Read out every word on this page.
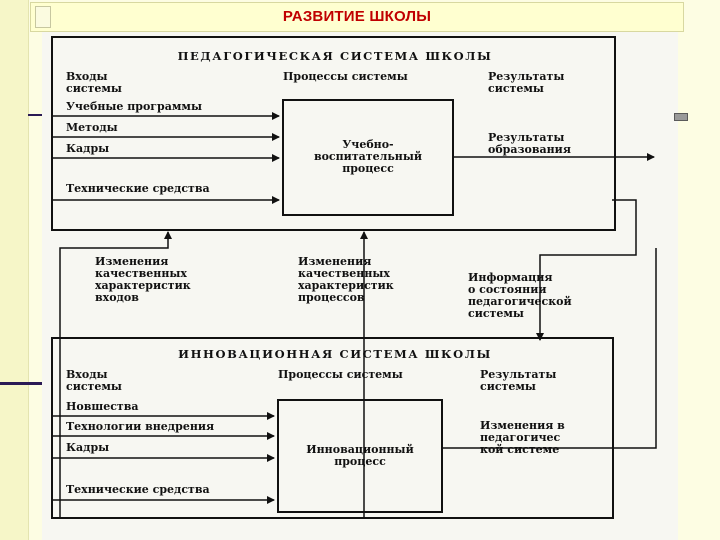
РАЗВИТИЕ ШКОЛЫ
ПЕДАГОГИЧЕСКАЯ СИСТЕМА ШКОЛЫ
Входы
системы
Процессы системы	Результаты
системы
Учебно-
воспитательный
процесс
Учебные программы
Методы
Кадры
Технические средства
Результаты
образования
Изменения
качественных
характеристик
входов
Изменения
качественных
характеристик
процессов
Информация
о состоянии
педагогической
системы
ИННОВАЦИОННАЯ СИСТЕМА ШКОЛЫ
Входы
системы
Процессы системы	Результаты
системы
Инновационный
процесс
Новшества
Технологии внедрения
Кадры
Технические средства
Изменения в
педагогичес
кой системе
